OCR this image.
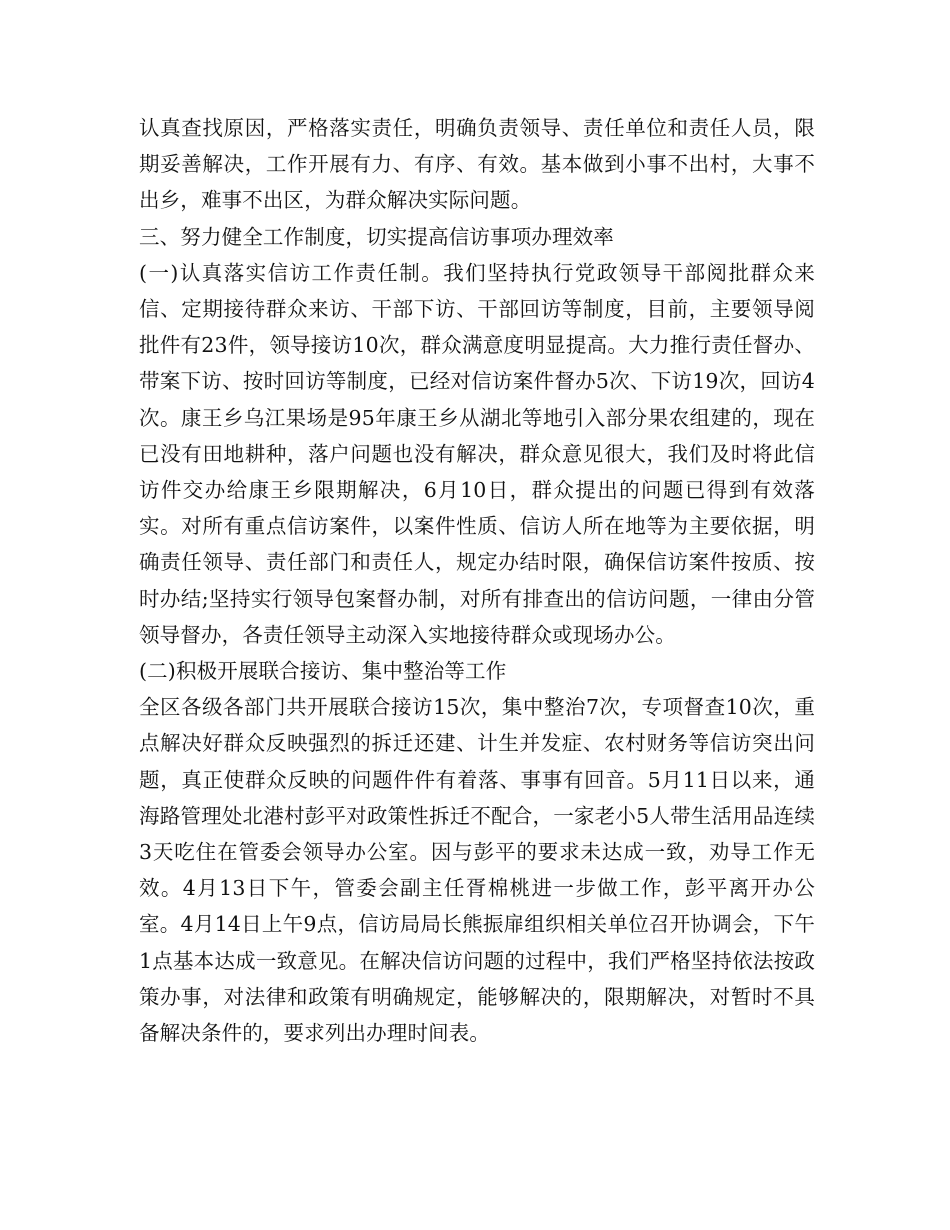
认真查找原因，严格落实责任，明确负责领导、责任单位和责任人员，限期妥善解决，工作开展有力、有序、有效。基本做到小事不出村，大事不出乡，难事不出区，为群众解决实际问题。

三、努力健全工作制度，切实提高信访事项办理效率

(一)认真落实信访工作责任制。我们坚持执行党政领导干部阅批群众来信、定期接待群众来访、干部下访、干部回访等制度，目前，主要领导阅批件有23件，领导接访10次，群众满意度明显提高。大力推行责任督办、带案下访、按时回访等制度，已经对信访案件督办5次、下访19次，回访4次。康王乡乌江果场是95年康王乡从湖北等地引入部分果农组建的，现在已没有田地耕种，落户问题也没有解决，群众意见很大，我们及时将此信访件交办给康王乡限期解决，6月10日，群众提出的问题已得到有效落实。对所有重点信访案件，以案件性质、信访人所在地等为主要依据，明确责任领导、责任部门和责任人，规定办结时限，确保信访案件按质、按时办结;坚持实行领导包案督办制，对所有排查出的信访问题，一律由分管领导督办，各责任领导主动深入实地接待群众或现场办公。

(二)积极开展联合接访、集中整治等工作

全区各级各部门共开展联合接访15次，集中整治7次，专项督查10次，重点解决好群众反映强烈的拆迁还建、计生并发症、农村财务等信访突出问题，真正使群众反映的问题件件有着落、事事有回音。5月11日以来，通海路管理处北港村彭平对政策性拆迁不配合，一家老小5人带生活用品连续3天吃住在管委会领导办公室。因与彭平的要求未达成一致，劝导工作无效。4月13日下午，管委会副主任胥棉桃进一步做工作，彭平离开办公室。4月14日上午9点，信访局局长熊振扉组织相关单位召开协调会，下午1点基本达成一致意见。在解决信访问题的过程中，我们严格坚持依法按政策办事，对法律和政策有明确规定，能够解决的，限期解决，对暂时不具备解决条件的，要求列出办理时间表。
